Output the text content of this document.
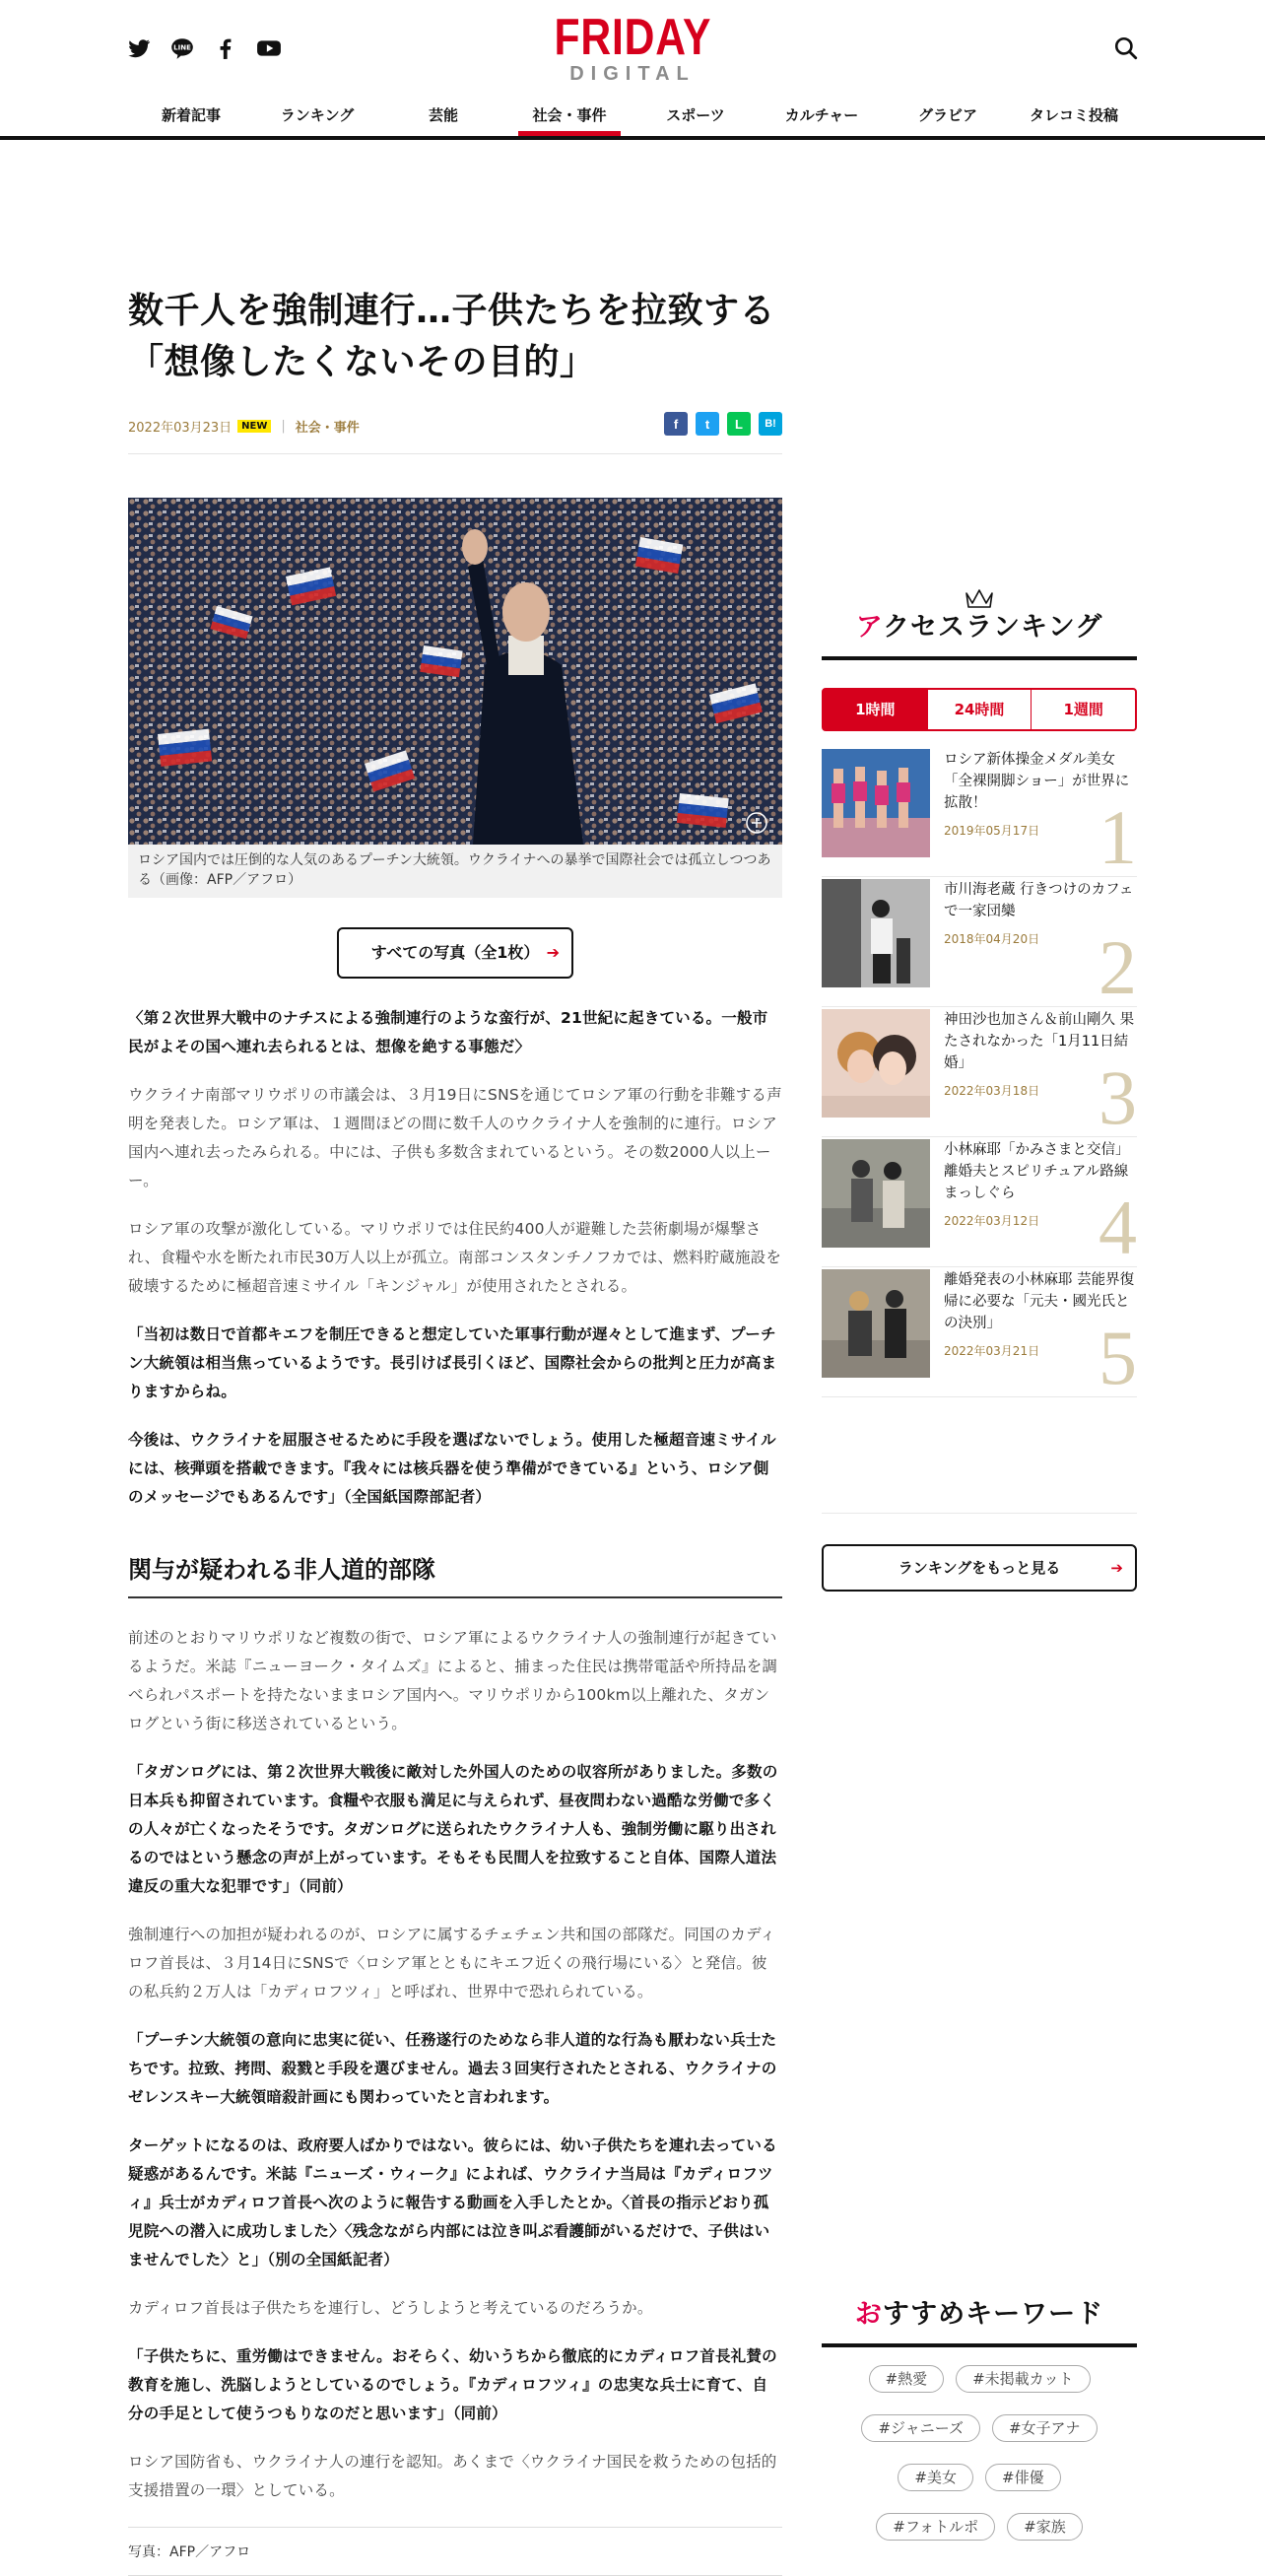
LINE	FRIDAY
DIGITAL
新着記事	ランキング	芸能	社会・事件	スポーツ	カルチャー	グラビア	タレコミ投稿
数千人を強制連行…子供たちを拉致する「想像したくないその目的」
2022年03月23日	NEW	| 社会・事件	f	t	L	B!
ロシア国内では圧倒的な人気のあるプーチン大統領。ウクライナへの暴挙で国際社会では孤立しつつある（画像：AFP／アフロ）
すべての写真（全1枚） ➔

〈第２次世界大戦中のナチスによる強制連行のような蛮行が、21世紀に起きている。一般市民がよその国へ連れ去られるとは、想像を絶する事態だ〉

ウクライナ南部マリウポリの市議会は、３月19日にSNSを通じてロシア軍の行動を非難する声明を発表した。ロシア軍は、１週間ほどの間に数千人のウクライナ人を強制的に連行。ロシア国内へ連れ去ったみられる。中には、子供も多数含まれているという。その数2000人以上ーー。

ロシア軍の攻撃が激化している。マリウポリでは住民約400人が避難した芸術劇場が爆撃され、食糧や水を断たれ市民30万人以上が孤立。南部コンスタンチノフカでは、燃料貯蔵施設を破壊するために極超音速ミサイル「キンジャル」が使用されたとされる。

「当初は数日で首都キエフを制圧できると想定していた軍事行動が遅々として進まず、プーチン大統領は相当焦っているようです。長引けば長引くほど、国際社会からの批判と圧力が高まりますからね。

今後は、ウクライナを屈服させるために手段を選ばないでしょう。使用した極超音速ミサイルには、核弾頭を搭載できます。『我々には核兵器を使う準備ができている』という、ロシア側のメッセージでもあるんです」（全国紙国際部記者）

関与が疑われる非人道的部隊

前述のとおりマリウポリなど複数の街で、ロシア軍によるウクライナ人の強制連行が起きているようだ。米誌『ニューヨーク・タイムズ』によると、捕まった住民は携帯電話や所持品を調べられパスポートを持たないままロシア国内へ。マリウポリから100km以上離れた、タガンログという街に移送されているという。

「タガンログには、第２次世界大戦後に敵対した外国人のための収容所がありました。多数の日本兵も抑留されています。食糧や衣服も満足に与えられず、昼夜問わない過酷な労働で多くの人々が亡くなったそうです。タガンログに送られたウクライナ人も、強制労働に駆り出されるのではという懸念の声が上がっています。そもそも民間人を拉致すること自体、国際人道法違反の重大な犯罪です」（同前）

強制連行への加担が疑われるのが、ロシアに属するチェチェン共和国の部隊だ。同国のカディロフ首長は、３月14日にSNSで〈ロシア軍とともにキエフ近くの飛行場にいる〉と発信。彼の私兵約２万人は「カディロフツィ」と呼ばれ、世界中で恐れられている。

「プーチン大統領の意向に忠実に従い、任務遂行のためなら非人道的な行為も厭わない兵士たちです。拉致、拷問、殺戮と手段を選びません。過去３回実行されたとされる、ウクライナのゼレンスキー大統領暗殺計画にも関わっていたと言われます。

ターゲットになるのは、政府要人ばかりではない。彼らには、幼い子供たちを連れ去っている疑惑があるんです。米誌『ニューズ・ウィーク』によれば、ウクライナ当局は『カディロフツィ』兵士がカディロフ首長へ次のように報告する動画を入手したとか。〈首長の指示どおり孤児院への潜入に成功しました〉〈残念ながら内部には泣き叫ぶ看護師がいるだけで、子供はいませんでした〉と」（別の全国紙記者）

カディロフ首長は子供たちを連行し、どうしようと考えているのだろうか。

「子供たちに、重労働はできません。おそらく、幼いうちから徹底的にカディロフ首長礼賛の教育を施し、洗脳しようとしているのでしょう。『カディロフツィ』の忠実な兵士に育て、自分の手足として使うつもりなのだと思います」（同前）

ロシア国防省も、ウクライナ人の連行を認知。あくまで〈ウクライナ国民を救うための包括的支援措置の一環〉としている。

写真：AFP／アフロ
アクセスランキング
1時間	24時間	1週間
ロシア新体操金メダル美女「全裸開脚ショー」が世界に拡散！
2019年05月17日 1
市川海老蔵 行きつけのカフェで一家団欒
2018年04月20日 2
神田沙也加さん＆前山剛久 果たされなかった「1月11日結婚」
2022年03月18日 3
小林麻耶「かみさまと交信」離婚夫とスピリチュアル路線まっしぐら
2022年03月12日 4
離婚発表の小林麻耶 芸能界復帰に必要な「元夫・國光氏との決別」
2022年03月21日 5
ランキングをもっと見る	➔
おすすめキーワード
#熱愛	#未掲載カット
#ジャニーズ	#女子アナ
#美女	#俳優
#フォトルポ	#家族
